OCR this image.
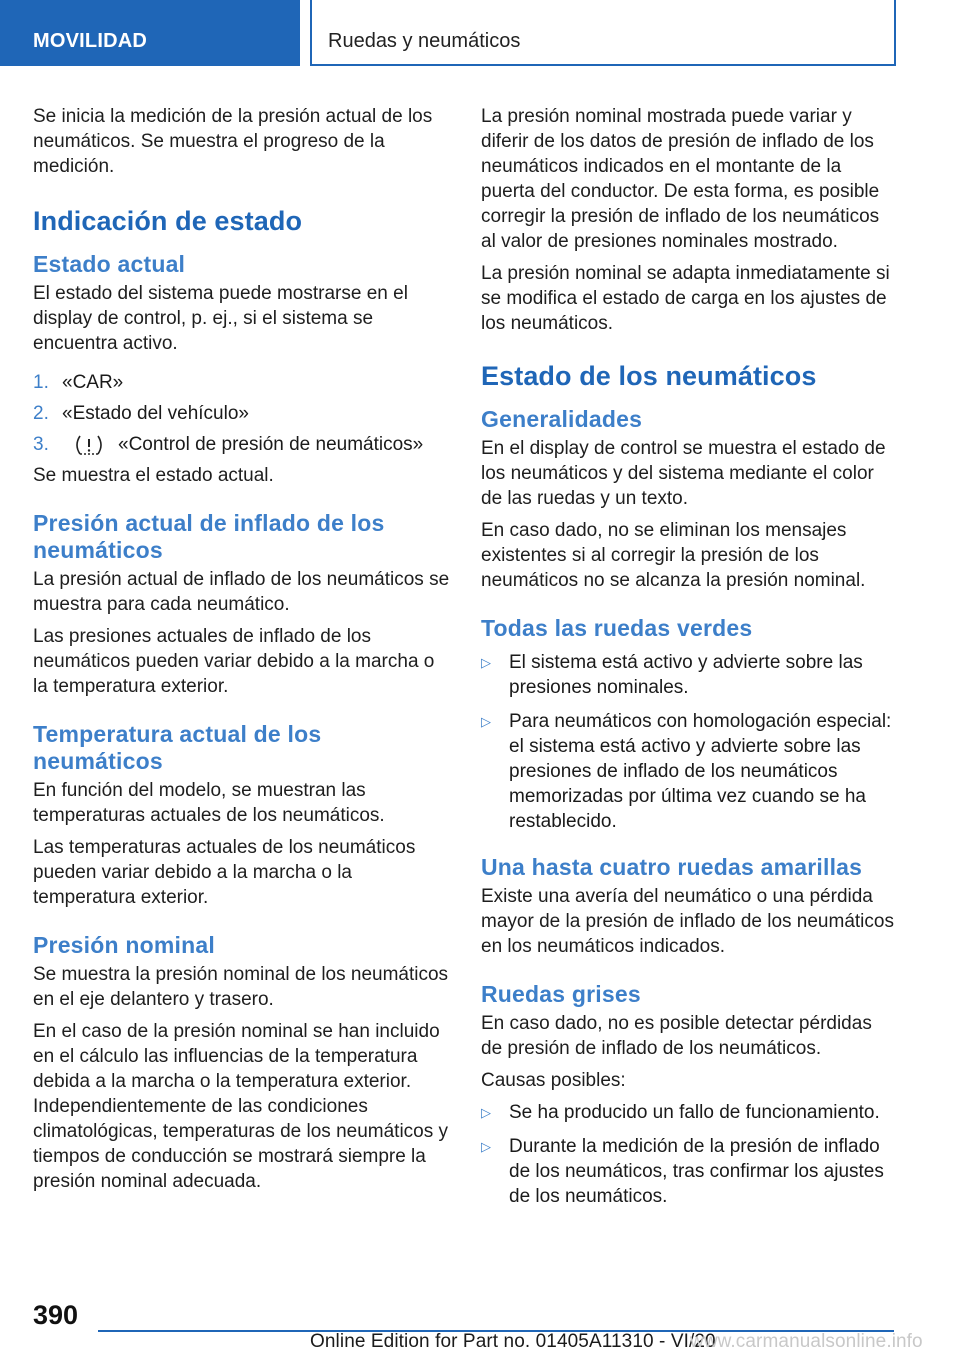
MOVILIDAD	Ruedas y neumáticos

Se inicia la medición de la presión actual de los neumáticos. Se muestra el progreso de la medición.

Indicación de estado
Estado actual

El estado del sistema puede mostrarse en el display de control, p. ej., si el sistema se encuentra activo.

1. «CAR»
2. «Estado del vehículo»
3.	«Control de presión de neumáticos»

Se muestra el estado actual.

Presión actual de inflado de los neumáticos

La presión actual de inflado de los neumáticos se muestra para cada neumático.

Las presiones actuales de inflado de los neumáticos pueden variar debido a la marcha o la temperatura exterior.

Temperatura actual de los neumáticos

En función del modelo, se muestran las temperaturas actuales de los neumáticos.

Las temperaturas actuales de los neumáticos pueden variar debido a la marcha o la temperatura exterior.

Presión nominal

Se muestra la presión nominal de los neumáticos en el eje delantero y trasero.

En el caso de la presión nominal se han incluido en el cálculo las influencias de la temperatura debida a la marcha o la temperatura exterior. Independientemente de las condiciones climatológicas, temperaturas de los neumáticos y tiempos de conducción se mostrará siempre la presión nominal adecuada.

La presión nominal mostrada puede variar y diferir de los datos de presión de inflado de los neumáticos indicados en el montante de la puerta del conductor. De esta forma, es posible corregir la presión de inflado de los neumáticos al valor de presiones nominales mostrado.

La presión nominal se adapta inmediatamente si se modifica el estado de carga en los ajustes de los neumáticos.

Estado de los neumáticos
Generalidades

En el display de control se muestra el estado de los neumáticos y del sistema mediante el color de las ruedas y un texto.

En caso dado, no se eliminan los mensajes existentes si al corregir la presión de los neumáticos no se alcanza la presión nominal.

Todas las ruedas verdes
▷ El sistema está activo y advierte sobre las presiones nominales.
▷ Para neumáticos con homologación especial: el sistema está activo y advierte sobre las presiones de inflado de los neumáticos memorizadas por última vez cuando se ha restablecido.
Una hasta cuatro ruedas amarillas

Existe una avería del neumático o una pérdida mayor de la presión de inflado de los neumáticos en los neumáticos indicados.

Ruedas grises

En caso dado, no es posible detectar pérdidas de presión de inflado de los neumáticos.

Causas posibles:

▷ Se ha producido un fallo de funcionamiento.
▷ Durante la medición de la presión de inflado de los neumáticos, tras confirmar los ajustes de los neumáticos.
390
Online Edition for Part no. 01405A11310 - VI/20
www.carmanualsonline.info
